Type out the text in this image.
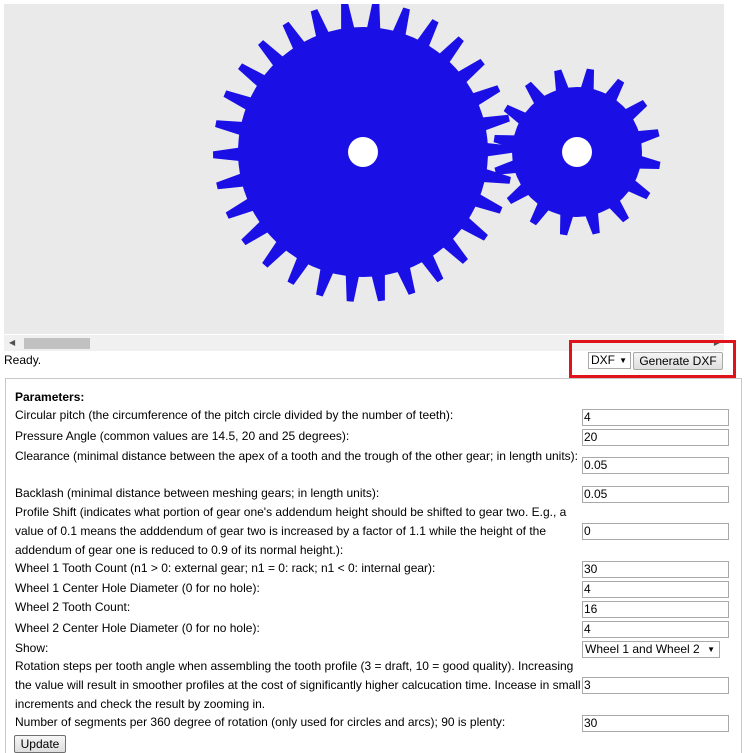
◀	▶
Ready.	DXF ▼	Generate DXF
Parameters:
Circular pitch (the circumference of the pitch circle divided by the number of teeth):	4
Pressure Angle (common values are 14.5, 20 and 25 degrees):	20
Clearance (minimal distance between the apex of a tooth and the trough of the other gear; in length units):
0.05
Backlash (minimal distance between meshing gears; in length units):	0.05
Profile Shift (indicates what portion of gear one's addendum height should be shifted to gear two. E.g., a value of 0.1 means the adddendum of gear two is increased by a factor of 1.1 while the height of the addendum of gear one is reduced to 0.9 of its normal height.):
0
Wheel 1 Tooth Count (n1 > 0: external gear; n1 = 0: rack; n1 < 0: internal gear):	30
Wheel 1 Center Hole Diameter (0 for no hole):	4
Wheel 2 Tooth Count:	16
Wheel 2 Center Hole Diameter (0 for no hole):	4
Show:	Wheel 1 and Wheel 2 ▼
Rotation steps per tooth angle when assembling the tooth profile (3 = draft, 10 = good quality). Increasing the value will result in smoother profiles at the cost of significantly higher calcucation time. Incease in small increments and check the result by zooming in.
3
Number of segments per 360 degree of rotation (only used for circles and arcs); 90 is plenty:	30
Update
